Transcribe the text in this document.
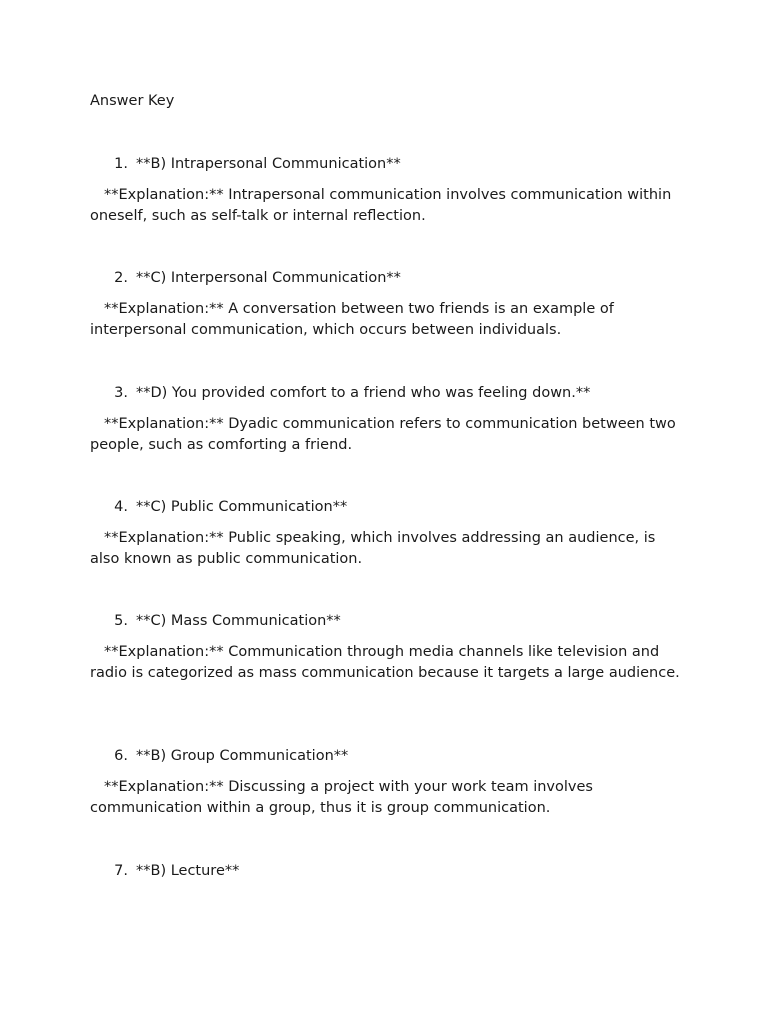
Answer Key
1. **B) Intrapersonal Communication**
**Explanation:** Intrapersonal communication involves communication within oneself, such as self-talk or internal reflection.
2. **C) Interpersonal Communication**
**Explanation:** A conversation between two friends is an example of interpersonal communication, which occurs between individuals.
3. **D) You provided comfort to a friend who was feeling down.**
**Explanation:** Dyadic communication refers to communication between two people, such as comforting a friend.
4. **C) Public Communication**
**Explanation:** Public speaking, which involves addressing an audience, is also known as public communication.
5. **C) Mass Communication**
**Explanation:** Communication through media channels like television and radio is categorized as mass communication because it targets a large audience.
6. **B) Group Communication**
**Explanation:** Discussing a project with your work team involves communication within a group, thus it is group communication.
7. **B) Lecture**
